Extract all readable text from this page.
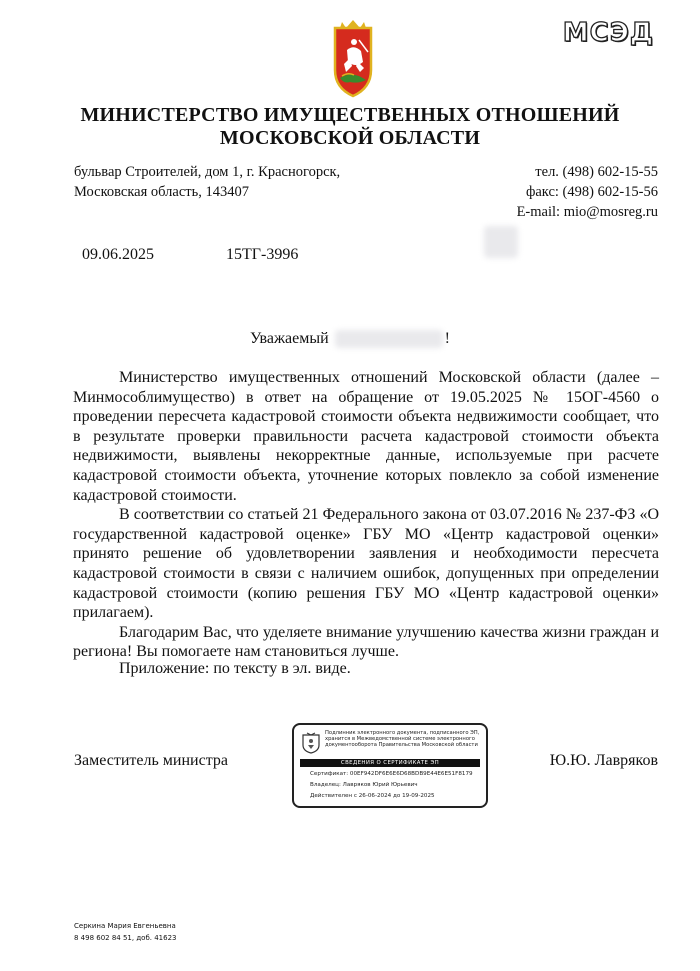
МСЭД
МИНИСТЕРСТВО ИМУЩЕСТВЕННЫХ ОТНОШЕНИЙ
МОСКОВСКОЙ ОБЛАСТИ
бульвар Строителей, дом 1, г. Красногорск,
Московская область, 143407
тел. (498) 602-15-55
факс: (498) 602-15-56
E-mail: mio@mosreg.ru
09.06.2025	15ТГ-3996
Уважаемый	!

Министерство имущественных отношений Московской области (далее – Минмособлимущество) в ответ на обращение от 19.05.2025 № 15ОГ-4560 о проведении пересчета кадастровой стоимости объекта недвижимости сообщает, что в результате проверки правильности расчета кадастровой стоимости объекта недвижимости, выявлены некорректные данные, используемые при расчете кадастровой стоимости объекта, уточнение которых повлекло за собой изменение кадастровой стоимости.

В соответствии со статьей 21 Федерального закона от 03.07.2016 № 237-ФЗ «О государственной кадастровой оценке» ГБУ МО «Центр кадастровой оценки» принято решение об удовлетворении заявления и необходимости пересчета кадастровой стоимости в связи с наличием ошибок, допущенных при определении кадастровой стоимости (копию решения ГБУ МО «Центр кадастровой оценки» прилагаем).

Благодарим Вас, что уделяете внимание улучшению качества жизни граждан и региона! Вы помогаете нам становиться лучше.

Приложение: по тексту в эл. виде.
Заместитель министра	Ю.Ю. Лавряков
Подлинник электронного документа, подписанного ЭП, хранится в Межведомственной системе электронного документооборота Правительства Московской области
СВЕДЕНИЯ О СЕРТИФИКАТЕ ЭП
Сертификат: 00EF942DF6E6E6D68BDB9E44E6E51F8179
Владелец: Лавряков Юрий Юрьевич
Действителен с 26-06-2024 до 19-09-2025
Серкина Мария Евгеньевна
8 498 602 84 51, доб. 41623
